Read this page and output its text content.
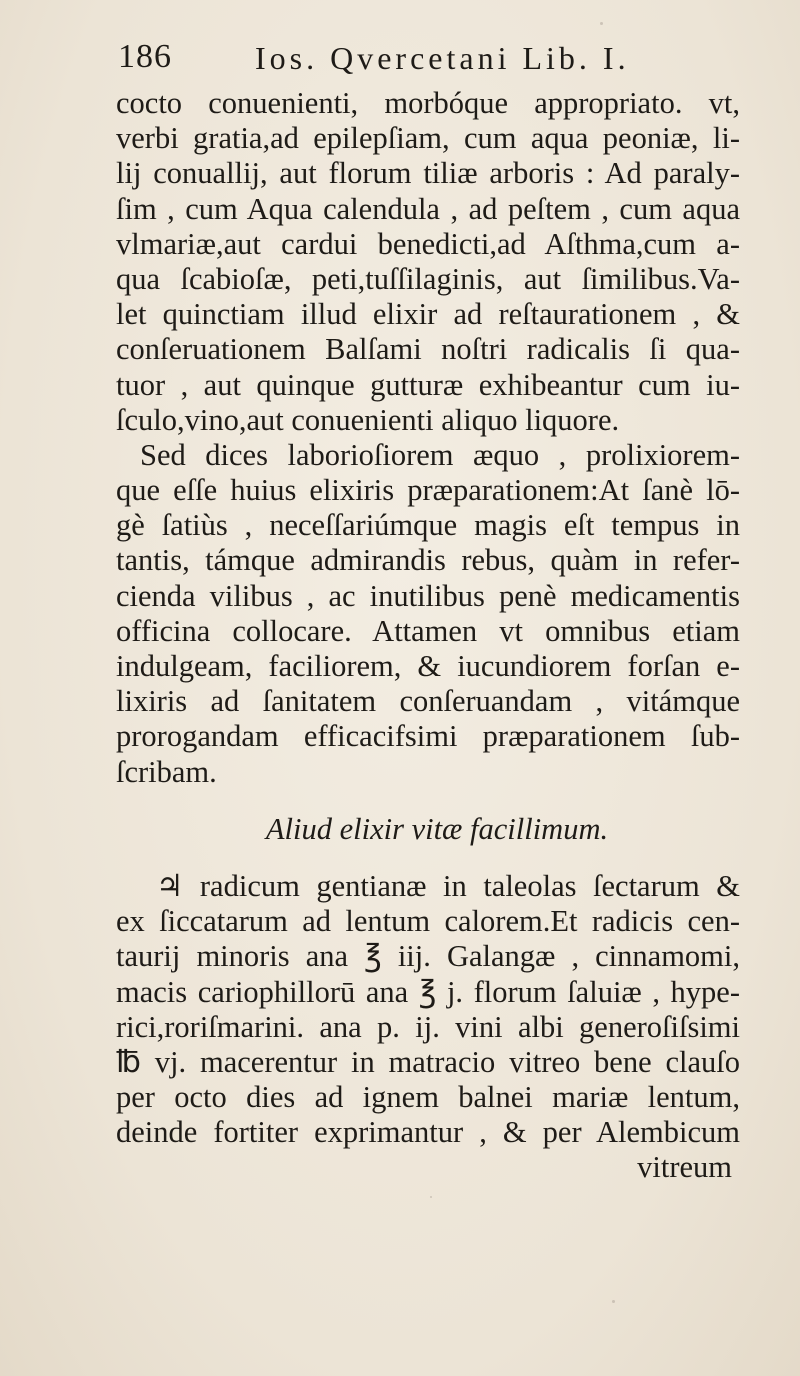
186	Ios. Qvercetani Lib. I.
cocto conuenienti, morbóque appropriato. vt,
verbi gratia,ad epilepſiam, cum aqua peoniæ, li-
lij conuallij, aut florum tiliæ arboris : Ad paraly-
ſim , cum Aqua calendula , ad peſtem , cum aqua
vlmariæ,aut cardui benedicti,ad Aſthma,cum a-
qua ſcabioſæ, peti,tuſſilaginis, aut ſimilibus.Va-
let quinctiam illud elixir ad reſtaurationem , &
conſeruationem Balſami noſtri radicalis ſi qua-
tuor , aut quinque gutturæ exhibeantur cum iu-
ſculo,vino,aut conuenienti aliquo liquore.
Sed dices laborioſiorem æquo , prolixiorem-
que eſſe huius elixiris præparationem:At ſanè lō-
gè ſatiùs , neceſſariúmque magis eſt tempus in
tantis, támque admirandis rebus, quàm in refer-
cienda vilibus , ac inutilibus penè medicamentis
officina collocare. Attamen vt omnibus etiam
indulgeam, faciliorem, & iucundiorem forſan e-
lixiris ad ſanitatem conſeruandam , vitámque
prorogandam efficacifsimi præparationem ſub-
ſcribam.
Aliud elixir vitæ facillimum.
♃ radicum gentianæ in taleolas ſectarum &
ex ſiccatarum ad lentum calorem.Et radicis cen-
taurij minoris ana ℥ iij. Galangæ , cinnamomi,
macis cariophillorū ana ℥ j. florum ſaluiæ , hype-
rici,roriſmarini. ana p. ij. vini albi generoſiſsimi
℔ vj. macerentur in matracio vitreo bene clauſo
per octo dies ad ignem balnei mariæ lentum,
deinde fortiter exprimantur , & per Alembicum
vitreum
